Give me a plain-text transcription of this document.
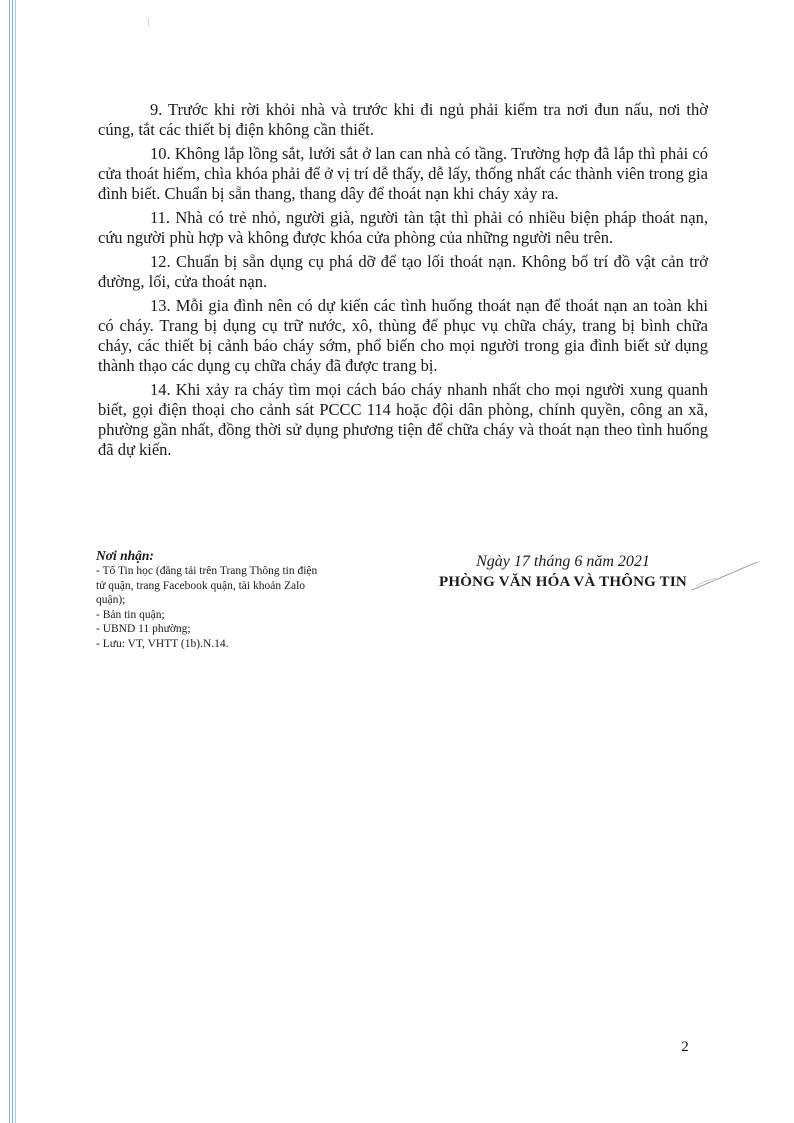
9. Trước khi rời khỏi nhà và trước khi đi ngủ phải kiểm tra nơi đun nấu, nơi thờ cúng, tắt các thiết bị điện không cần thiết.

10. Không lắp lồng sắt, lưới sắt ở lan can nhà có tầng. Trường hợp đã lắp thì phải có cửa thoát hiểm, chìa khóa phải để ở vị trí dễ thấy, dễ lấy, thống nhất các thành viên trong gia đình biết. Chuẩn bị sẵn thang, thang dây để thoát nạn khi cháy xảy ra.

11. Nhà có trẻ nhỏ, người già, người tàn tật thì phải có nhiều biện pháp thoát nạn, cứu người phù hợp và không được khóa cửa phòng của những người nêu trên.

12. Chuẩn bị sẵn dụng cụ phá dỡ để tạo lối thoát nạn. Không bố trí đồ vật cản trở đường, lối, cửa thoát nạn.

13. Mỗi gia đình nên có dự kiến các tình huống thoát nạn để thoát nạn an toàn khi có cháy. Trang bị dụng cụ trữ nước, xô, thùng để phục vụ chữa cháy, trang bị bình chữa cháy, các thiết bị cảnh báo cháy sớm, phổ biến cho mọi người trong gia đình biết sử dụng thành thạo các dụng cụ chữa cháy đã được trang bị.

14. Khi xảy ra cháy tìm mọi cách báo cháy nhanh nhất cho mọi người xung quanh biết, gọi điện thoại cho cảnh sát PCCC 114 hoặc đội dân phòng, chính quyền, công an xã, phường gần nhất, đồng thời sử dụng phương tiện để chữa cháy và thoát nạn theo tình huống đã dự kiến.

Nơi nhận:
- Tổ Tin học (đăng tải trên Trang Thông tin điện
tử quận, trang Facebook quận, tài khoản Zalo
quận);
- Bản tin quận;
- UBND 11 phường;
- Lưu: VT, VHTT (1b).N.14.
Ngày 17 tháng 6 năm 2021
PHÒNG VĂN HÓA VÀ THÔNG TIN
2
